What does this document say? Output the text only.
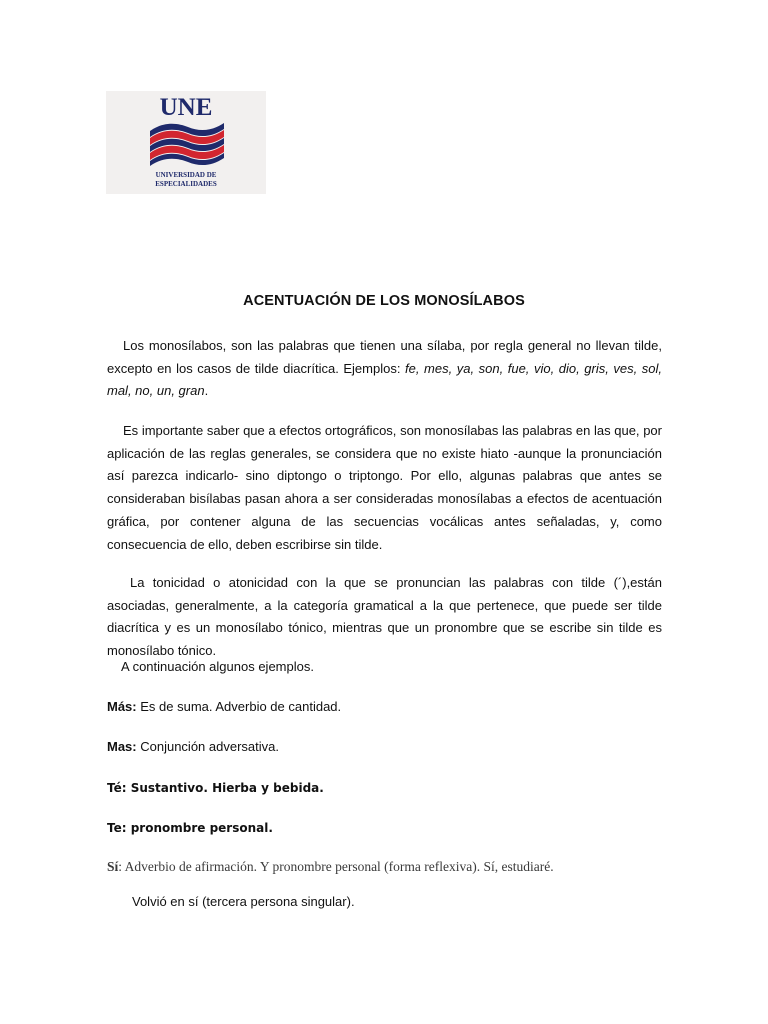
UNE
UNIVERSIDAD DE
ESPECIALIDADES
ACENTUACIÓN DE LOS MONOSÍLABOS
Los monosílabos, son las palabras que tienen una sílaba, por regla general no llevan tilde, excepto en los casos de tilde diacrítica. Ejemplos: fe, mes, ya, son, fue, vio, dio, gris, ves, sol, mal, no, un, gran.
Es importante saber que a efectos ortográficos, son monosílabas las palabras en las que, por aplicación de las reglas generales, se considera que no existe hiato -aunque la pronunciación así parezca indicarlo- sino diptongo o triptongo. Por ello, algunas palabras que antes se consideraban bisílabas pasan ahora a ser consideradas monosílabas a efectos de acentuación gráfica, por contener alguna de las secuencias vocálicas antes señaladas, y, como consecuencia de ello, deben escribirse sin tilde.
La tonicidad o atonicidad con la que se pronuncian las palabras con tilde (´),están asociadas, generalmente, a la categoría gramatical a la que pertenece, que puede ser tilde diacrítica y es un monosílabo tónico, mientras que un pronombre que se escribe sin tilde es monosílabo tónico.
A continuación algunos ejemplos.
Más: Es de suma. Adverbio de cantidad.
Mas: Conjunción adversativa.
Té: Sustantivo. Hierba y bebida.
Te: pronombre personal.
Sí: Adverbio de afirmación. Y pronombre personal (forma reflexiva). Sí, estudiaré.
Volvió en sí (tercera persona singular).
